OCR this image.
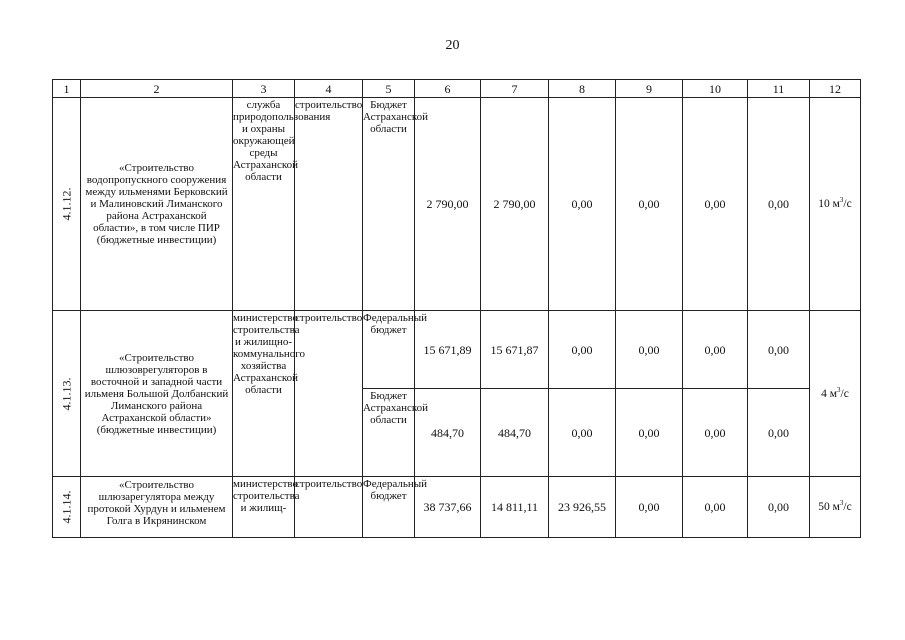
20
1	2	3	4	5	6	7	8	9	10	11	12

4.1.12.	«Строительство водопропускного сооружения между ильменями Берковский и Малиновский Лиманского района Астраханской области», в том числе ПИР (бюджетные инвестиции)	служба природопользования и охраны окружающей среды Астраханской области	строительство	Бюджет Астраханской области	2 790,00	2 790,00	0,00	0,00	0,00	0,00	10 $м^3/с$

4.1.13.	«Строительство шлюзоврегуляторов в восточной и западной части ильменя Большой Долбанский Лиманского района Астраханской области» (бюджетные инвестиции)	министерство строительства и жилищно-коммунального хозяйства Астраханской области	строительство	Федеральный бюджет	15 671,89	15 671,87	0,00	0,00	0,00	0,00	4 $м^3/с$
				Бюджет Астраханской области	484,70	484,70	0,00	0,00	0,00	0,00	

4.1.14.	«Строительство шлюзарегулятора между протокой Хурдун и ильменем Голга в Икрянинском	министерство строительства и жилищ-	строительство	Федеральный бюджет	38 737,66	14 811,11	23 926,55	0,00	0,00	0,00	50 $м^3/с$
